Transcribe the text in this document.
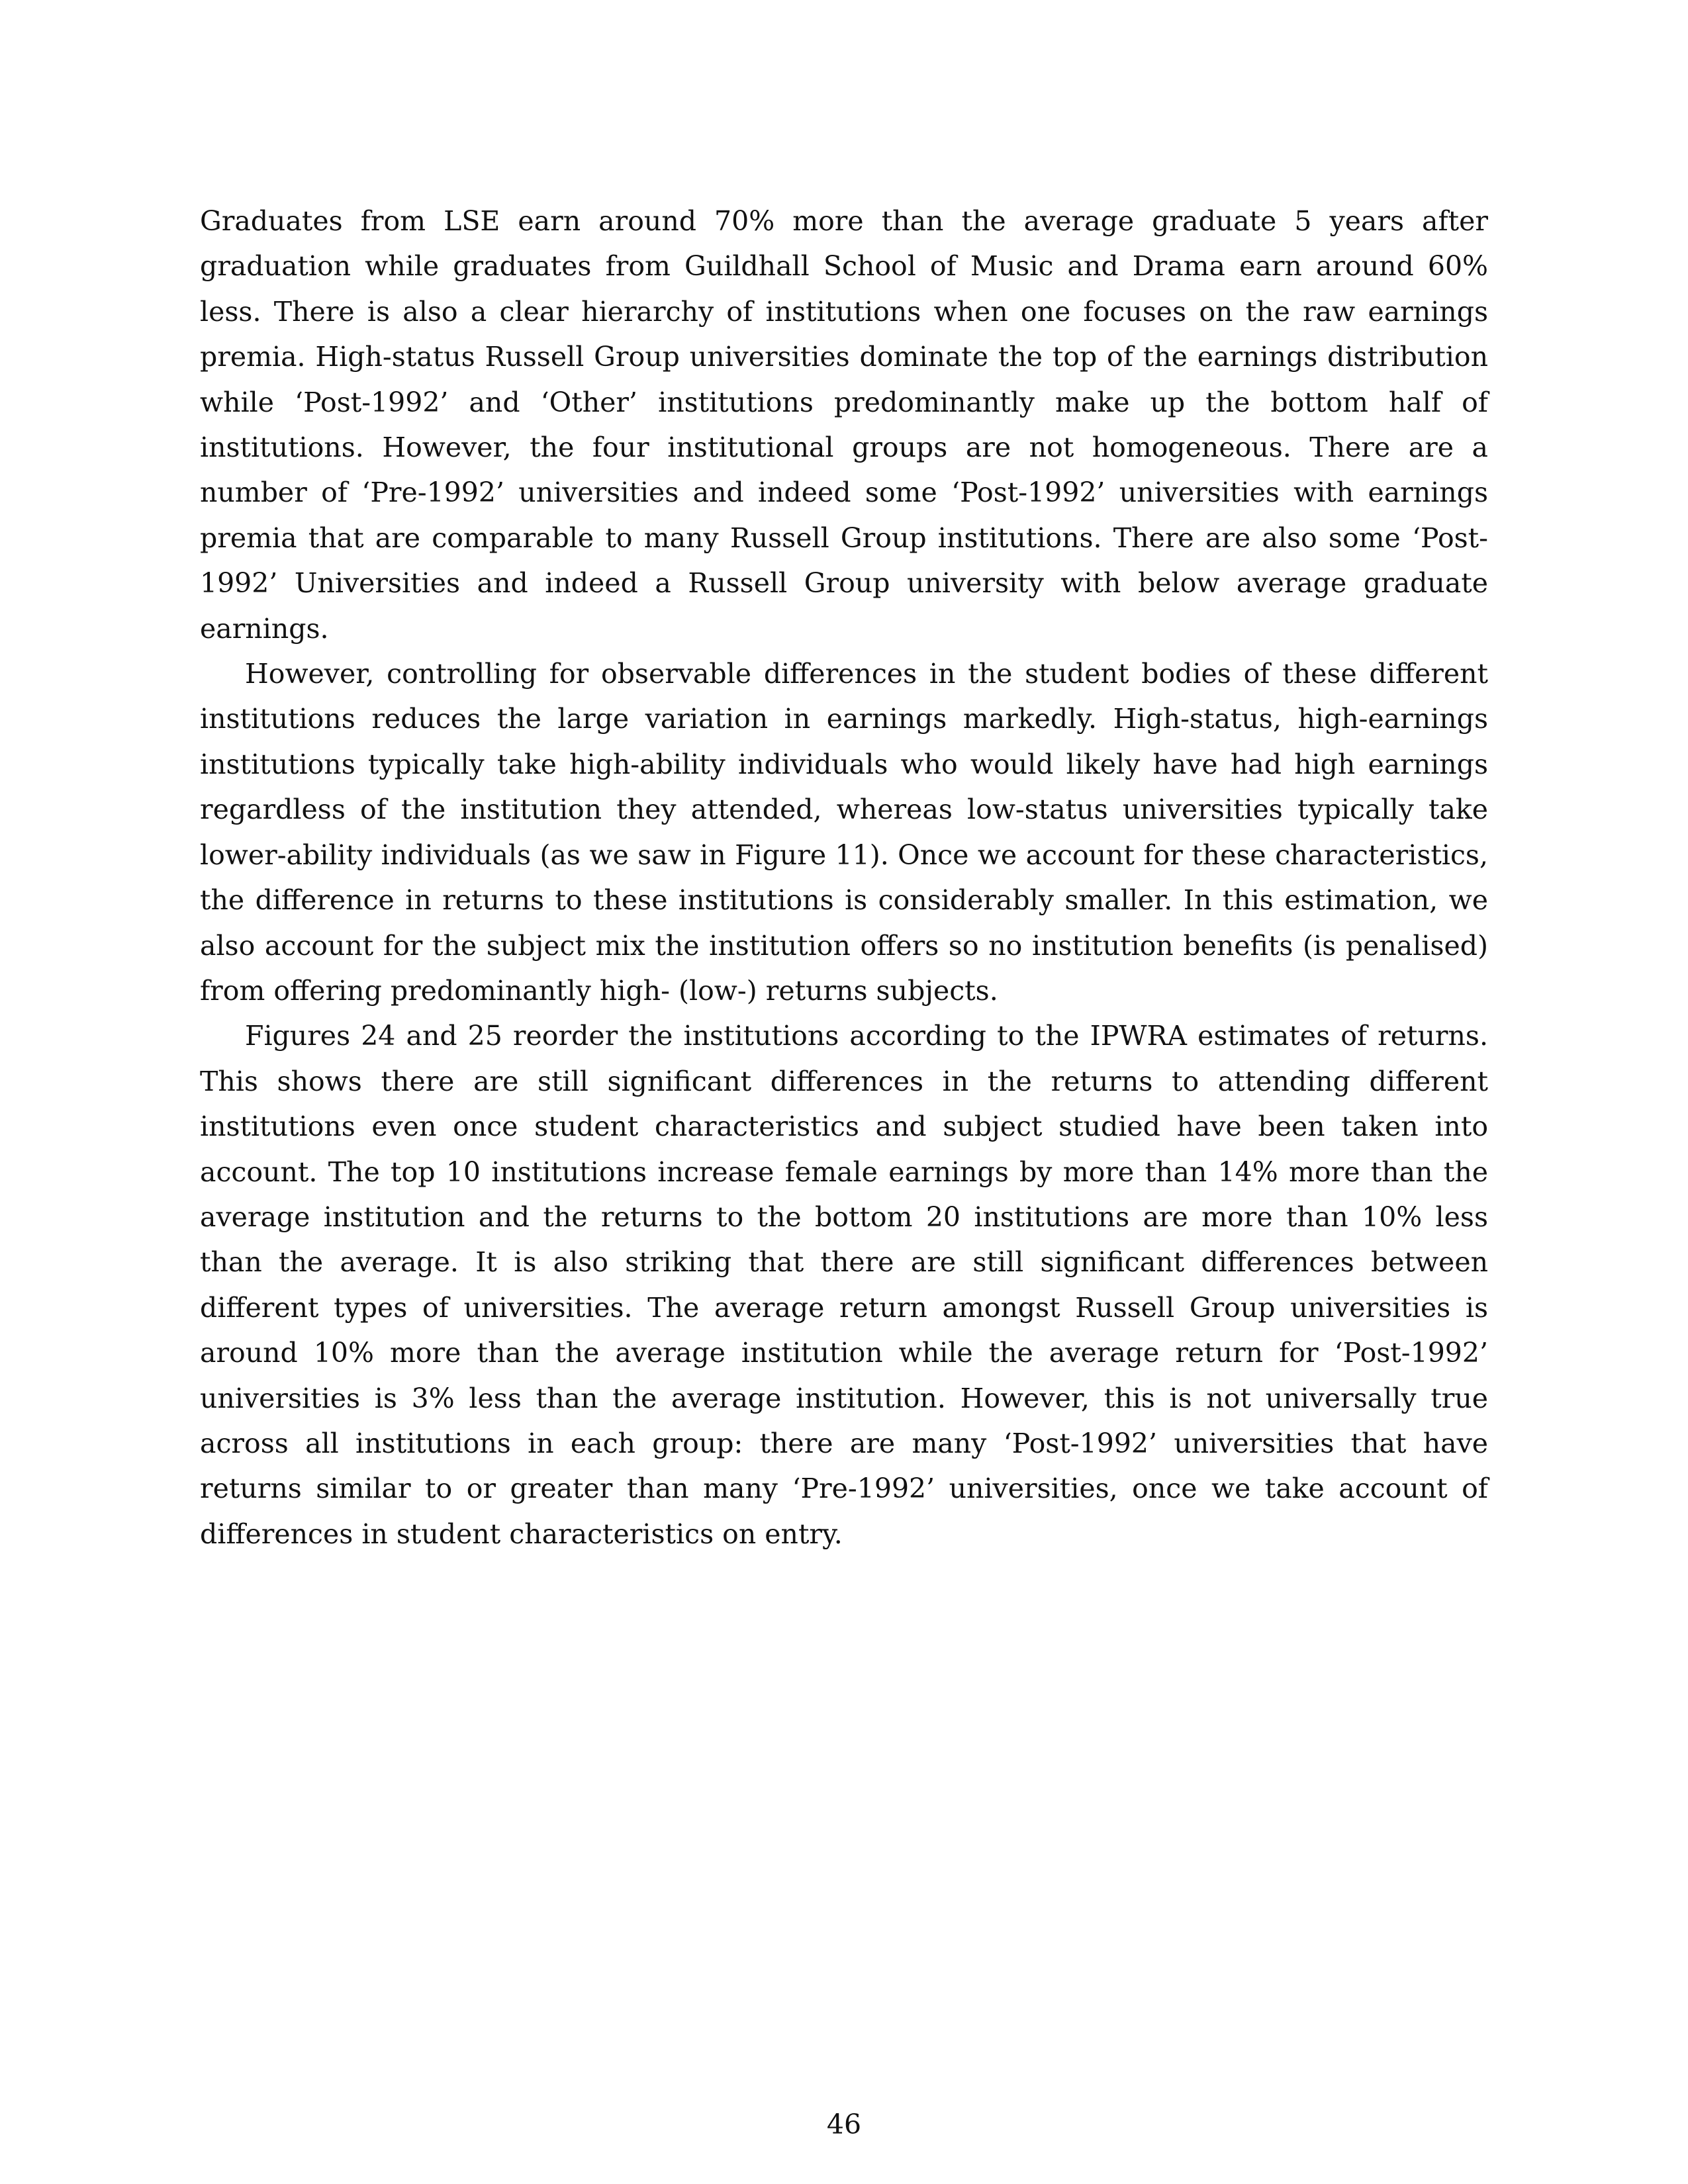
Graduates from LSE earn around 70% more than the average graduate 5 years after graduation while graduates from Guildhall School of Music and Drama earn around 60% less. There is also a clear hierarchy of institutions when one focuses on the raw earnings premia. High-status Russell Group universities dominate the top of the earnings distribution while ‘Post-1992’ and ‘Other’ institutions predominantly make up the bottom half of institutions. However, the four institutional groups are not homogeneous. There are a number of ‘Pre-1992’ universities and indeed some ‘Post-1992’ universities with earnings premia that are comparable to many Russell Group institutions. There are also some ‘Post-1992’ Universities and indeed a Russell Group university with below average graduate earnings.

However, controlling for observable differences in the student bodies of these different institutions reduces the large variation in earnings markedly. High-status, high-earnings institutions typically take high-ability individuals who would likely have had high earnings regardless of the institution they attended, whereas low-status universities typically take lower-ability individuals (as we saw in Figure 11). Once we account for these characteristics, the difference in returns to these institutions is considerably smaller. In this estimation, we also account for the subject mix the institution offers so no institution benefits (is penalised) from offering predominantly high- (low-) returns subjects.

Figures 24 and 25 reorder the institutions according to the IPWRA estimates of returns. This shows there are still significant differences in the returns to attending different institutions even once student characteristics and subject studied have been taken into account. The top 10 institutions increase female earnings by more than 14% more than the average institution and the returns to the bottom 20 institutions are more than 10% less than the average. It is also striking that there are still significant differences between different types of universities. The average return amongst Russell Group universities is around 10% more than the average institution while the average return for ‘Post-1992’ universities is 3% less than the average institution. However, this is not universally true across all institutions in each group: there are many ‘Post-1992’ universities that have returns similar to or greater than many ‘Pre-1992’ universities, once we take account of differences in student characteristics on entry.

46
